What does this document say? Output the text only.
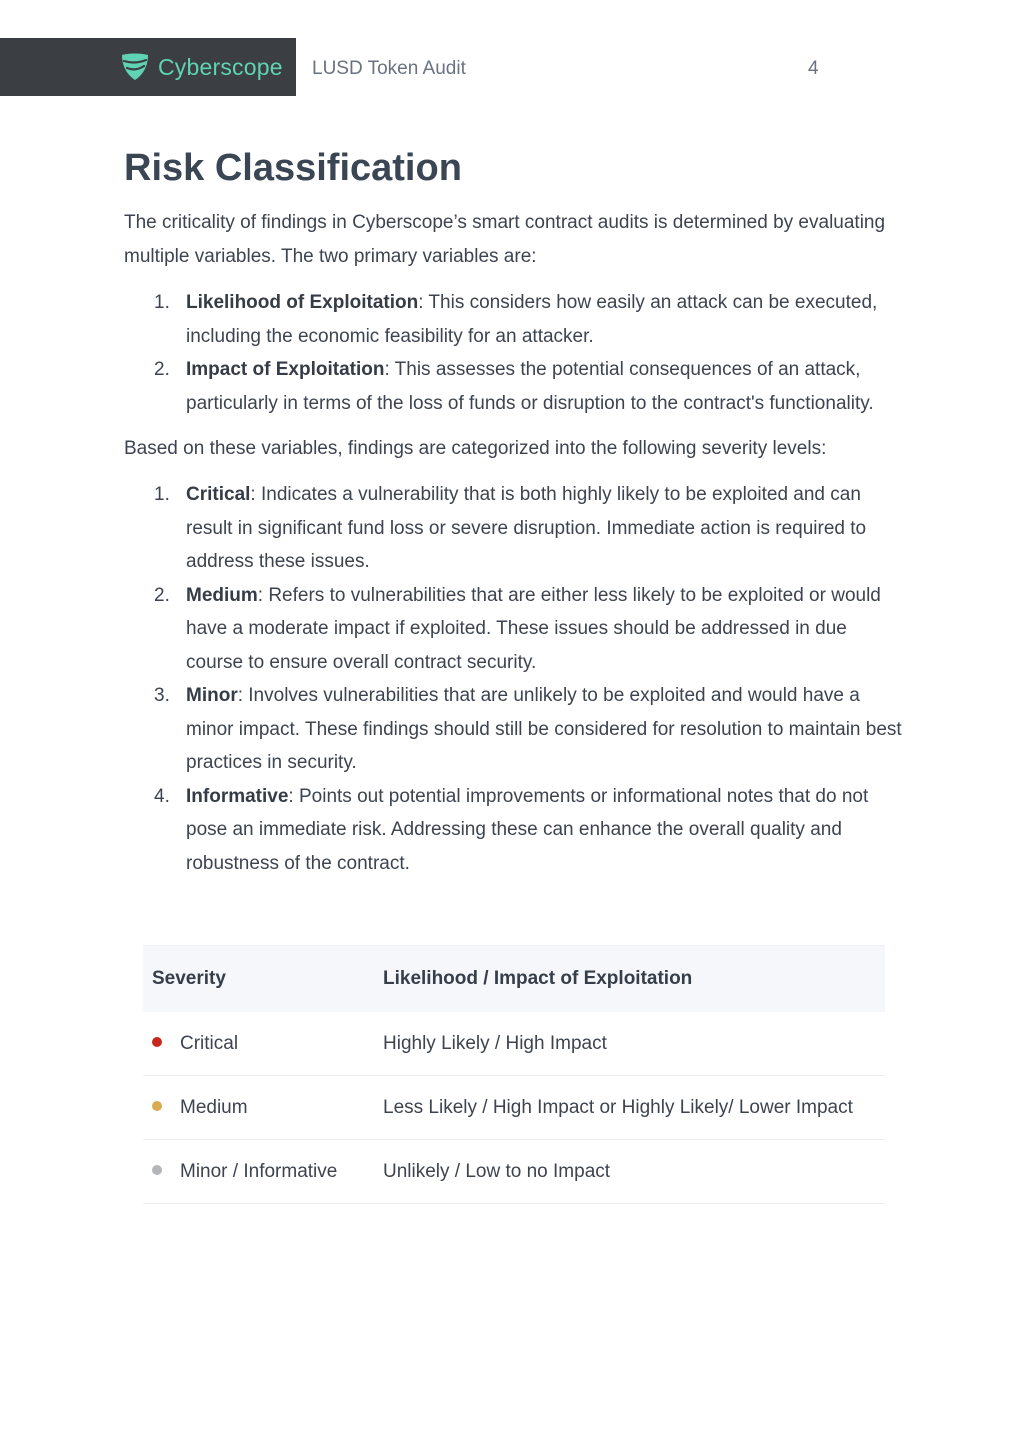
Cyberscope LUSD Token Audit	4
Risk Classification

The criticality of findings in Cyberscope’s smart contract audits is determined by evaluating multiple variables. The two primary variables are:

1. Likelihood of Exploitation: This considers how easily an attack can be executed, including the economic feasibility for an attacker.
2. Impact of Exploitation: This assesses the potential consequences of an attack, particularly in terms of the loss of funds or disruption to the contract's functionality.

Based on these variables, findings are categorized into the following severity levels:

1. Critical: Indicates a vulnerability that is both highly likely to be exploited and can result in significant fund loss or severe disruption. Immediate action is required to address these issues.
2. Medium: Refers to vulnerabilities that are either less likely to be exploited or would have a moderate impact if exploited. These issues should be addressed in due course to ensure overall contract security.
3. Minor: Involves vulnerabilities that are unlikely to be exploited and would have a minor impact. These findings should still be considered for resolution to maintain best practices in security.
4. Informative: Points out potential improvements or informational notes that do not pose an immediate risk. Addressing these can enhance the overall quality and robustness of the contract.
Severity	Likelihood / Impact of Exploitation
Critical	Highly Likely / High Impact
Medium	Less Likely / High Impact or Highly Likely/ Lower Impact
Minor / Informative	Unlikely / Low to no Impact
